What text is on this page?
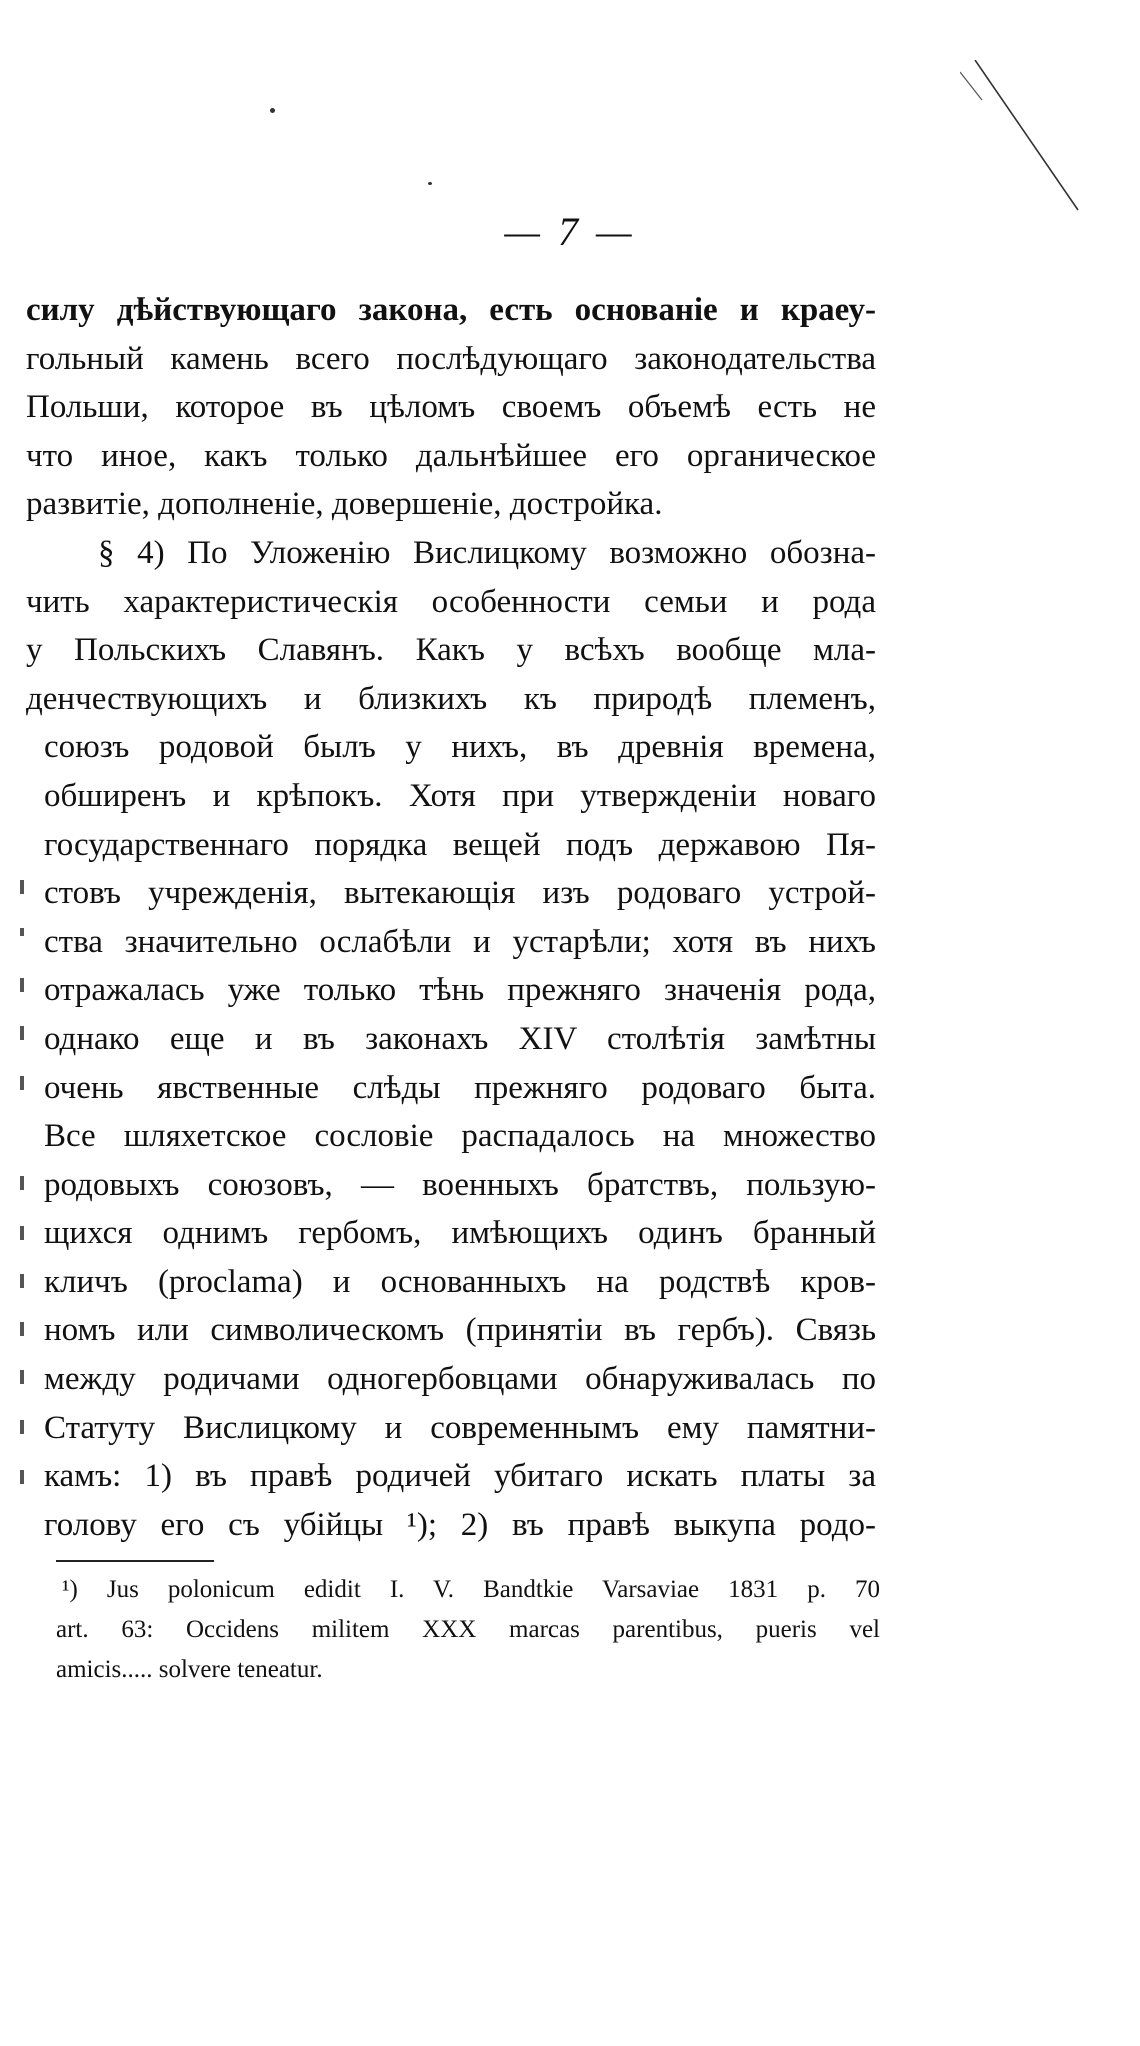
— 7 —
силу дѣйствующаго закона, есть основаніе и краеу-
гольный камень всего послѣдующаго законодательства
Польши, которое въ цѣломъ своемъ объемѣ есть не
что иное, какъ только дальнѣйшее его органическое
развитіе, дополненіе, довершеніе, достройка.
§ 4) По Уложенію Вислицкому возможно обозна-
чить характеристическія особенности семьи и рода
у Польскихъ Славянъ. Какъ у всѣхъ вообще мла-
денчествующихъ и близкихъ къ природѣ племенъ,
союзъ родовой былъ у нихъ, въ древнія времена,
обширенъ и крѣпокъ. Хотя при утвержденіи новаго
государственнаго порядка вещей подъ державою Пя-
стовъ учрежденія, вытекающія изъ родоваго устрой-
ства значительно ослабѣли и устарѣли; хотя въ нихъ
отражалась уже только тѣнь прежняго значенія рода,
однако еще и въ законахъ XIV столѣтія замѣтны
очень явственные слѣды прежняго родоваго быта.
Все шляхетское сословіе распадалось на множество
родовыхъ союзовъ, — военныхъ братствъ, пользую-
щихся однимъ гербомъ, имѣющихъ одинъ бранный
кличъ (proclama) и основанныхъ на родствѣ кров-
номъ или символическомъ (принятіи въ гербъ). Связь
между родичами одногербовцами обнаруживалась по
Статуту Вислицкому и современнымъ ему памятни-
камъ: 1) въ правѣ родичей убитаго искать платы за
голову его съ убійцы ¹); 2) въ правѣ выкупа родо-
¹) Jus polonicum edidit I. V. Bandtkie Varsaviae 1831 p. 70
art. 63: Occidens militem XXX marcas parentibus, pueris vel
amicis..... solvere teneatur.
